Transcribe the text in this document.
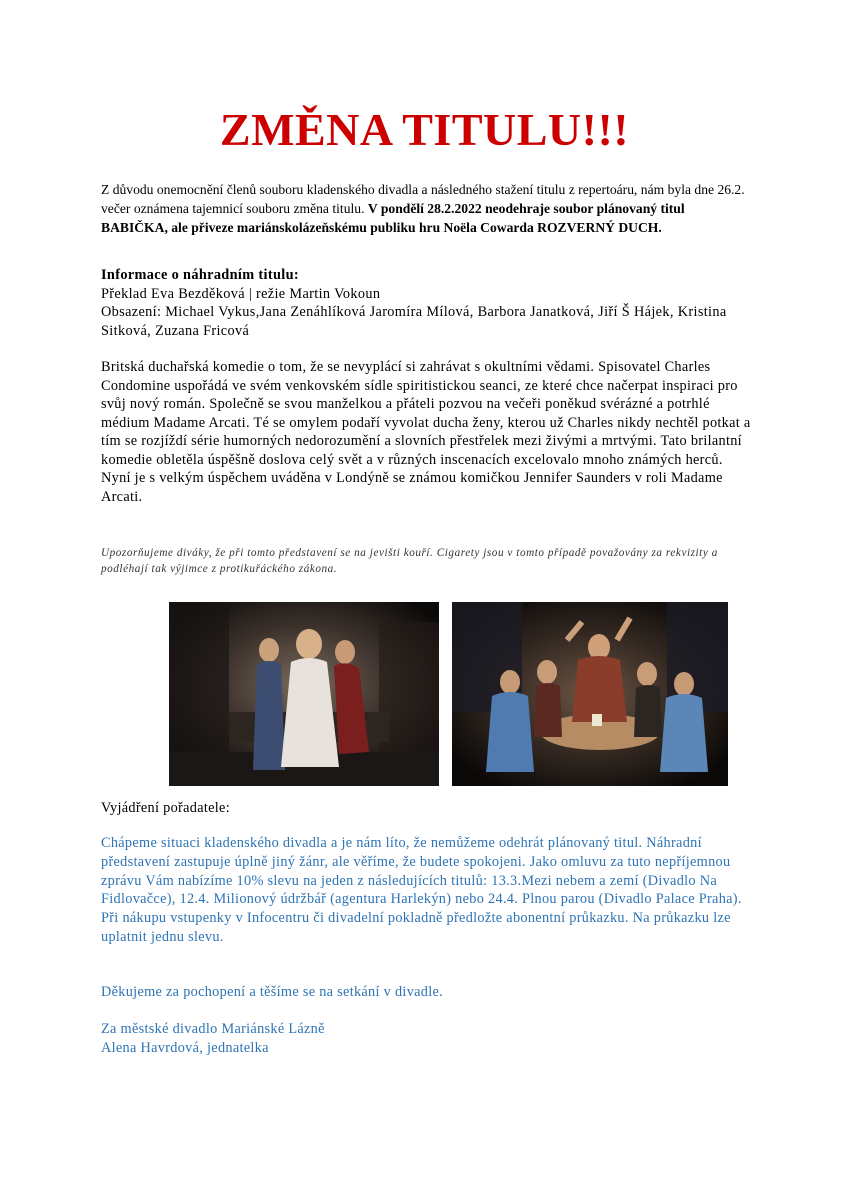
ZMĚNA TITULU!!!
Z důvodu onemocnění členů souboru kladenského divadla a následného stažení titulu z repertoáru, nám byla dne 26.2. večer oznámena tajemnicí souboru změna titulu. V pondělí 28.2.2022 neodehraje soubor plánovaný titul BABIČKA, ale přiveze mariánskolázeňskému publiku hru Noëla Cowarda ROZVERNÝ DUCH.
Informace o náhradním titulu:
Překlad Eva Bezděková | režie Martin Vokoun
Obsazení: Michael Vykus,Jana Zenáhlíková Jaromíra Mílová, Barbora Janatková, Jiří Š Hájek, Kristina Sitková, Zuzana Fricová
Britská duchařská komedie o tom, že se nevyplácí si zahrávat s okultními vědami. Spisovatel Charles Condomine uspořádá ve svém venkovském sídle spiritistickou seanci, ze které chce načerpat inspiraci pro svůj nový román. Společně se svou manželkou a přáteli pozvou na večeři poněkud svérázné a potrhlé médium Madame Arcati. Té se omylem podaří vyvolat ducha ženy, kterou už Charles nikdy nechtěl potkat a tím se rozjíždí série humorných nedorozumění a slovních přestřelek mezi živými a mrtvými. Tato brilantní komedie obletěla úspěšně doslova celý svět a v různých inscenacích excelovalo mnoho známých herců. Nyní je s velkým úspěchem uváděna v Londýně se známou komičkou Jennifer Saunders v roli Madame Arcati.
Upozorňujeme diváky, že při tomto představení se na jevišti kouří. Cigarety jsou v tomto případě považovány za rekvizity a podléhají tak výjimce z protikuřáckého zákona.
Vyjádření pořadatele:
Chápeme situaci kladenského divadla a je nám líto, že nemůžeme odehrát plánovaný titul. Náhradní představení zastupuje úplně jiný žánr, ale věříme, že budete spokojeni. Jako omluvu za tuto nepříjemnou zprávu Vám nabízíme 10% slevu na jeden z následujících titulů: 13.3.Mezi nebem a zemí (Divadlo Na Fidlovačce), 12.4. Milionový údržbář (agentura Harlekýn) nebo 24.4. Plnou parou (Divadlo Palace Praha). Při nákupu vstupenky v Infocentru či divadelní pokladně předložte abonentní průkazku. Na průkazku lze uplatnit jednu slevu.
Děkujeme za pochopení a těšíme se na setkání v divadle.
Za městské divadlo Mariánské Lázně
Alena Havrdová, jednatelka
